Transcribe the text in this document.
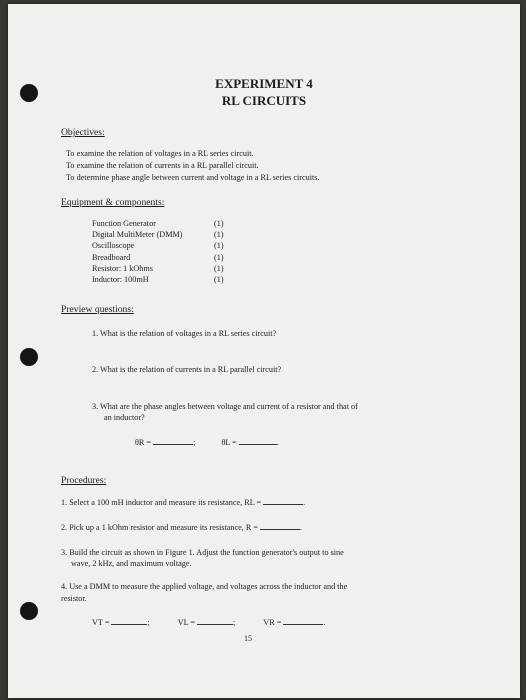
EXPERIMENT 4
RL CIRCUITS
Objectives:
To examine the relation of voltages in a RL series circuit.
To examine the relation of currents in a RL parallel circuit.
To determine phase angle between current and voltage in a RL series circuits.
Equipment & components:
Function Generator	(1)
Digital MultiMeter (DMM)	(1)
Oscilloscope	(1)
Breadboard	(1)
Resistor: 1 kOhms	(1)
Inductor: 100mH	(1)
Preview questions:
1. What is the relation of voltages in a RL series circuit?
2. What is the relation of currents in a RL parallel circuit?
3. What are the phase angles between voltage and current of a resistor and that of
an inductor?
θR =	;	θL =	.
Procedures:
1. Select a 100 mH inductor and measure its resistance, RL =	.
2. Pick up a 1 kOhm resistor and measure its resistance, R =	.
3. Build the circuit as shown in Figure 1. Adjust the function generator's output to sine
wave, 2 kHz, and maximum voltage.
4. Use a DMM to measure the applied voltage, and voltages across the inductor and the
resistor.
VT =	;	VL =	;	VR =	.
15
